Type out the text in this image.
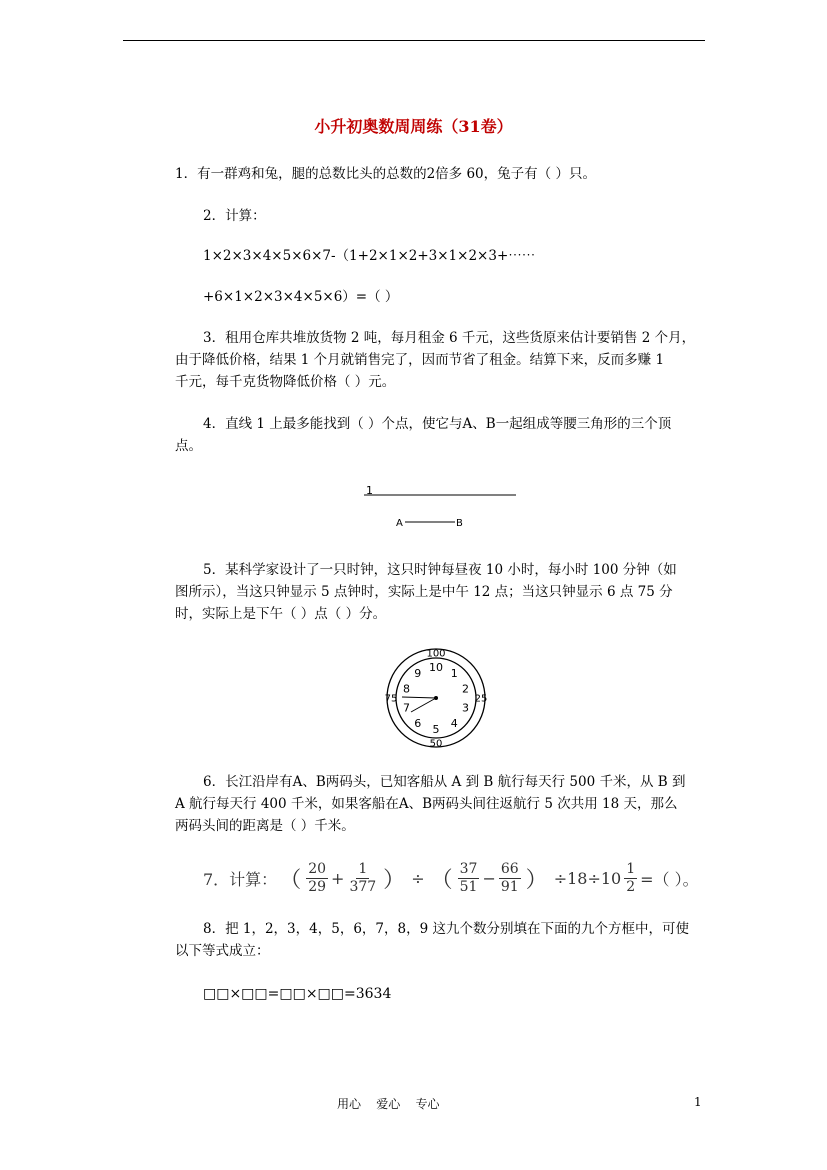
小升初奥数周周练（31卷）
1．有一群鸡和兔，腿的总数比头的总数的2倍多 60，兔子有（ ）只。
2．计算：
1×2×3×4×5×6×7-（1+2×1×2+3×1×2×3+⋯⋯
+6×1×2×3×4×5×6）=（ ）
3．租用仓库共堆放货物 2 吨，每月租金 6 千元，这些货原来估计要销售 2 个月，
由于降低价格，结果 1 个月就销售完了，因而节省了租金。结算下来，反而多赚 1
千元，每千克货物降低价格（ ）元。
4．直线 1 上最多能找到（ ）个点，使它与A、B一起组成等腰三角形的三个顶
点。
1
A	B
5．某科学家设计了一只时钟，这只时钟每昼夜 10 小时，每小时 100 分钟（如
图所示），当这只钟显示 5 点钟时，实际上是中午 12 点；当这只钟显示 6 点 75 分
时，实际上是下午（ ）点（ ）分。
10 1
2
3
4
5
6
7
8
9
100
25
50
75
6．长江沿岸有A、B两码头，已知客船从 A 到 B 航行每天行 500 千米，从 B 到
A 航行每天行 400 千米，如果客船在A、B两码头间往返航行 5 次共用 18 天，那么
两码头间的距离是（ ）千米。
7．计算： （ $\frac{20}{29} + \frac{1}{377}$ ） ÷ （ $\frac{37}{51} - \frac{66}{91}$ ） $\div 18\div 10 \frac{1}{2}$ =（ ）。
8．把 1，2，3，4，5，6，7，8，9 这九个数分别填在下面的九个方框中，可使
以下等式成立：
□□×□□=□□×□□=3634
用心    爱心    专心	1
